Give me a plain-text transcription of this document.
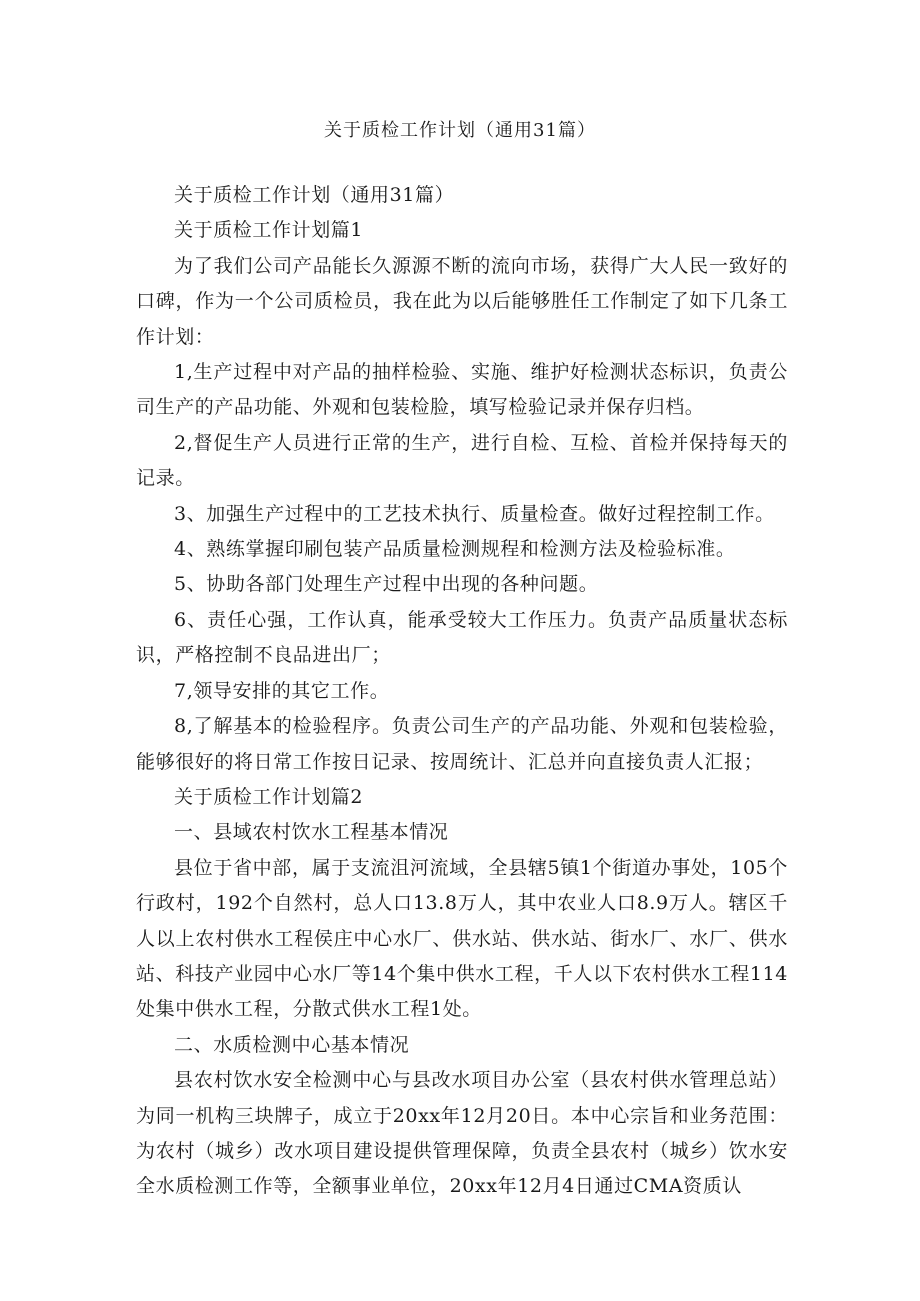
关于质检工作计划（通用31篇）

关于质检工作计划（通用31篇）

关于质检工作计划篇1

为了我们公司产品能长久源源不断的流向市场，获得广大人民一致好的口碑，作为一个公司质检员，我在此为以后能够胜任工作制定了如下几条工作计划：

1,生产过程中对产品的抽样检验、实施、维护好检测状态标识，负责公司生产的产品功能、外观和包装检脸，填写检验记录并保存归档。

2,督促生产人员进行正常的生产，进行自检、互检、首检并保持每天的记录。

3、加强生产过程中的工艺技术执行、质量检查。做好过程控制工作。

4、熟练掌握印刷包装产品质量检测规程和检测方法及检验标准。

5、协助各部门处理生产过程中出现的各种问题。

6、责任心强，工作认真，能承受较大工作压力。负责产品质量状态标识，严格控制不良品进出厂；

7,领导安排的其它工作。

8,了解基本的检验程序。负责公司生产的产品功能、外观和包装检验，能够很好的将日常工作按日记录、按周统计、汇总并向直接负责人汇报；

关于质检工作计划篇2

一、县域农村饮水工程基本情况

县位于省中部，属于支流沮河流域，全县辖5镇1个街道办事处，105个行政村，192个自然村，总人口13.8万人，其中农业人口8.9万人。辖区千人以上农村供水工程侯庄中心水厂、供水站、供水站、街水厂、水厂、供水站、科技产业园中心水厂等14个集中供水工程，千人以下农村供水工程114处集中供水工程，分散式供水工程1处。

二、水质检测中心基本情况

县农村饮水安全检测中心与县改水项目办公室（县农村供水管理总站）为同一机构三块牌子，成立于20xx年12月20日。本中心宗旨和业务范围：为农村（城乡）改水项目建设提供管理保障，负责全县农村（城乡）饮水安全水质检测工作等，全额事业单位，20xx年12月4日通过CMA资质认
